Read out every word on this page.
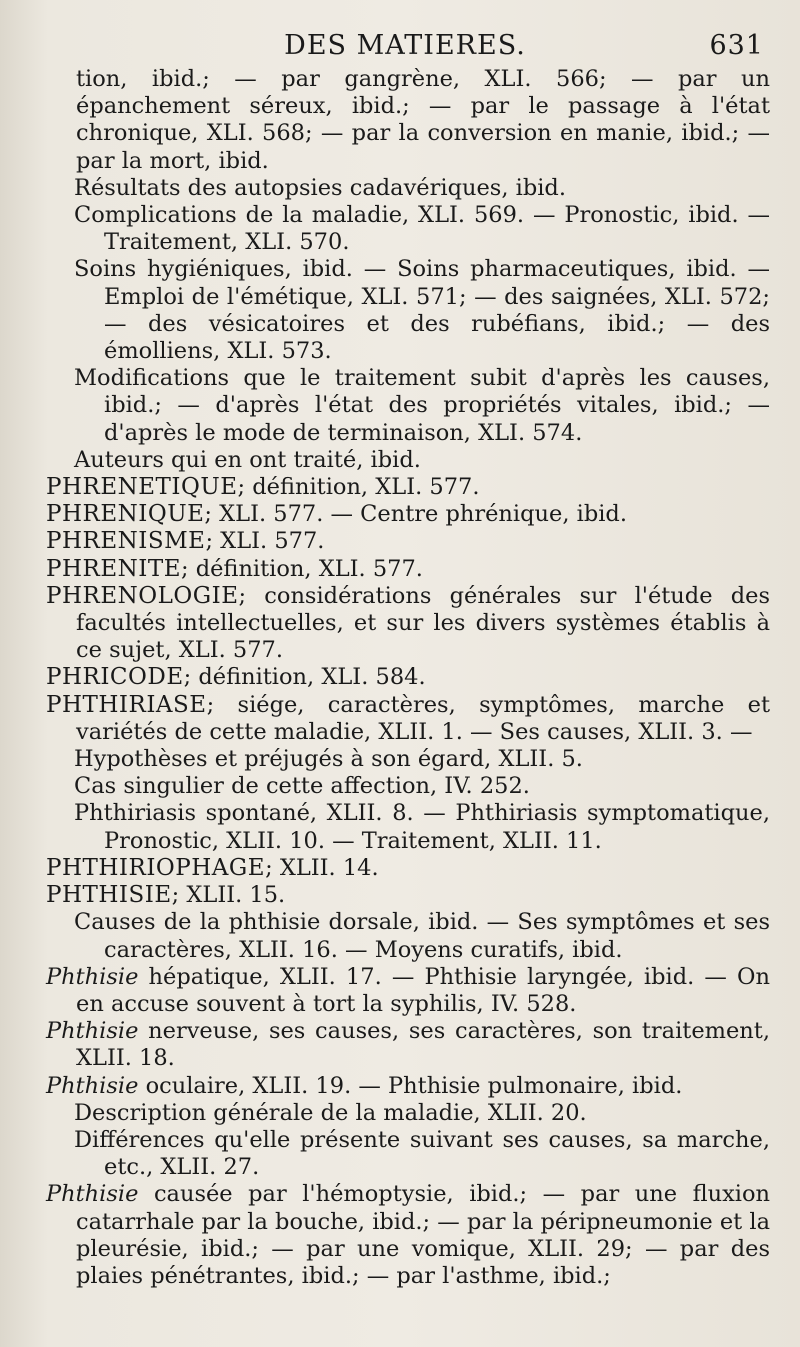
DES MATIERES.	631

tion, ibid.; — par gangrène, XLI. 566; — par un épanchement séreux, ibid.; — par le passage à l'état chronique, XLI. 568; — par la conversion en manie, ibid.; — par la mort, ibid.

Résultats des autopsies cadavériques, ibid.

Complications de la maladie, XLI. 569. — Pronostic, ibid. — Traitement, XLI. 570.

Soins hygiéniques, ibid. — Soins pharmaceutiques, ibid. — Emploi de l'émétique, XLI. 571; — des saignées, XLI. 572; — des vésicatoires et des rubéfians, ibid.; — des émolliens, XLI. 573.

Modifications que le traitement subit d'après les causes, ibid.; — d'après l'état des propriétés vitales, ibid.; — d'après le mode de terminaison, XLI. 574.

Auteurs qui en ont traité, ibid.

PHRENETIQUE; définition, XLI. 577.

PHRENIQUE; XLI. 577. — Centre phrénique, ibid.

PHRENISME; XLI. 577.

PHRENITE; définition, XLI. 577.

PHRENOLOGIE; considérations générales sur l'étude des facultés intellectuelles, et sur les divers systèmes établis à ce sujet, XLI. 577.

PHRICODE; définition, XLI. 584.

PHTHIRIASE; siége, caractères, symptômes, marche et variétés de cette maladie, XLII. 1. — Ses causes, XLII. 3. —

Hypothèses et préjugés à son égard, XLII. 5.

Cas singulier de cette affection, IV. 252.

Phthiriasis spontané, XLII. 8. — Phthiriasis symptomatique, Pronostic, XLII. 10. — Traitement, XLII. 11.

PHTHIRIOPHAGE; XLII. 14.

PHTHISIE; XLII. 15.

Causes de la phthisie dorsale, ibid. — Ses symptômes et ses caractères, XLII. 16. — Moyens curatifs, ibid.

Phthisie hépatique, XLII. 17. — Phthisie laryngée, ibid. — On en accuse souvent à tort la syphilis, IV. 528.

Phthisie nerveuse, ses causes, ses caractères, son traitement, XLII. 18.

Phthisie oculaire, XLII. 19. — Phthisie pulmonaire, ibid.

Description générale de la maladie, XLII. 20.

Différences qu'elle présente suivant ses causes, sa marche, etc., XLII. 27.

Phthisie causée par l'hémoptysie, ibid.; — par une fluxion catarrhale par la bouche, ibid.; — par la péripneumonie et la pleurésie, ibid.; — par une vomique, XLII. 29; — par des plaies pénétrantes, ibid.; — par l'asthme, ibid.;
